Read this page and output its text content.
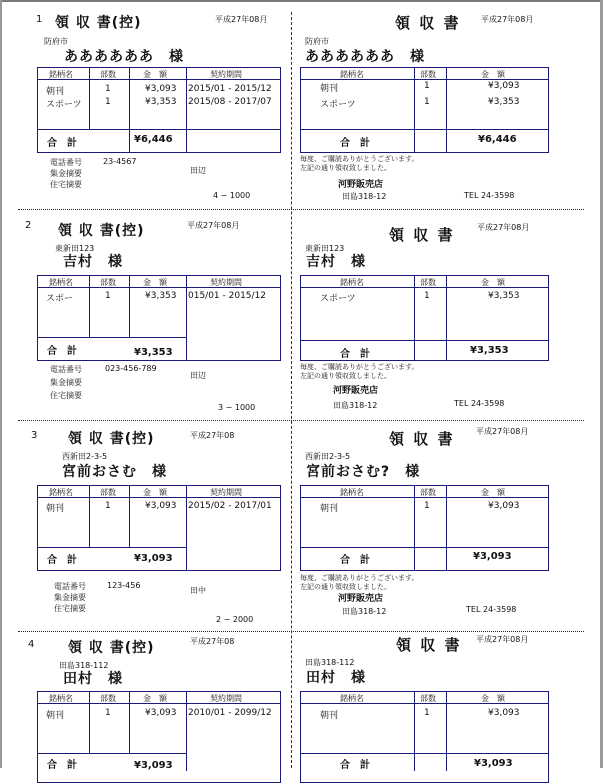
1 領 収 書(控)	平成27年08月
防府市
ああああああ　 様
銘柄名	部数	金　額	契約期間
朝刊	1	¥3,093 2015/01 - 2015/12
スポーツ	1	¥3,353 2015/08 - 2017/07
合　計	¥6,446
電話番号	23-4567
集金摘要
住宅摘要
田辺
4 − 1000
領 収 書	平成27年08月
防府市
ああああああ　 様
銘柄名	部数	金　額
朝刊	1	¥3,093
スポーツ	1	¥3,353
合　計	¥6,446
毎度、ご購読ありがとうございます。
左記の通り領収致しました。
河野販売店
田島318-12	TEL 24-3598
2 領 収 書(控)	平成27年08月
東新田123
吉村　 様
銘柄名	部数	金　額	契約期間
スポー	1	¥3,353 015/01 - 2015/12
合　計	¥3,353
電話番号	023-456-789
集金摘要
住宅摘要
田辺
3 − 1000
領 収 書	平成27年08月
東新田123
吉村　 様
銘柄名	部数	金　額
スポーツ	1	¥3,353
合　計	¥3,353
毎度、ご購読ありがとうございます。
左記の通り領収致しました。
河野販売店
田島318-12	TEL 24-3598
3 領 収 書(控)	平成27年08
西新田2-3-5
宮前おさむ　 様
銘柄名	部数	金　額	契約期間
朝刊	1	¥3,093 2015/02 - 2017/01
合　計	¥3,093
電話番号	123-456
集金摘要
住宅摘要
田中
2 − 2000
領 収 書	平成27年08月
西新田2-3-5
宮前おさむ?　 様
銘柄名	部数	金　額
朝刊	1	¥3,093
合　計	¥3,093
毎度、ご購読ありがとうございます。
左記の通り領収致しました。
河野販売店
田島318-12	TEL 24-3598
4 領 収 書(控)	平成27年08
田島318-112
田村　 様
銘柄名	部数	金　額	契約期間
朝刊	1	¥3,093 2010/01 - 2099/12
合　計	¥3,093
領 収 書 平成27年08月
田島318-112
田村　 様
銘柄名	部数	金　額
朝刊	1	¥3,093
合　計	¥3,093
